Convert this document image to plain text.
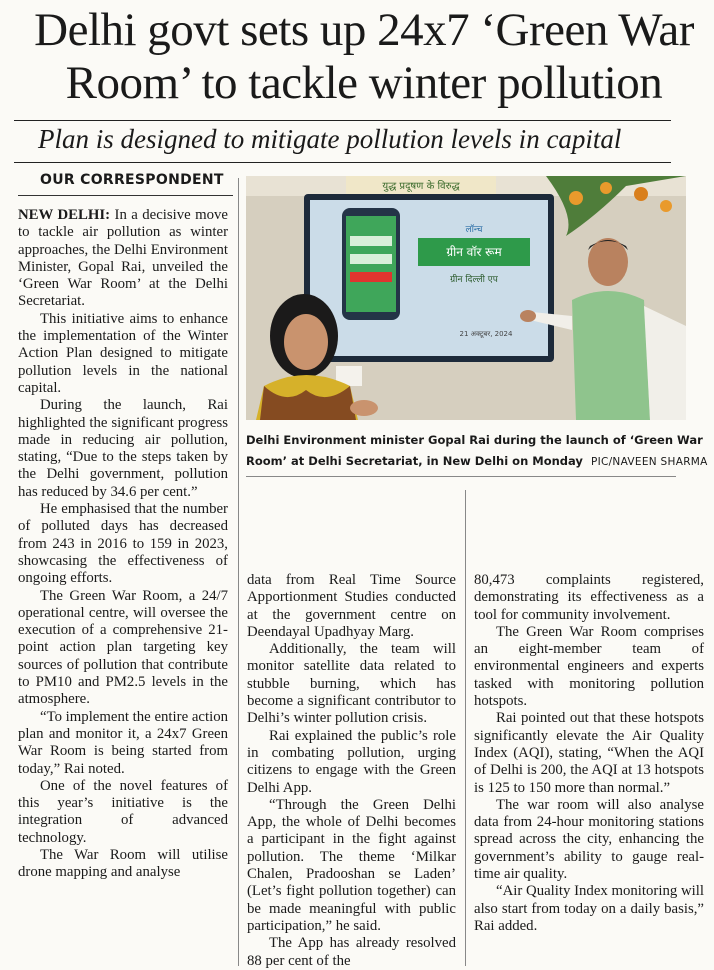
Delhi govt sets up 24x7 ‘Green War
Room’ to tackle winter pollution
Plan is designed to mitigate pollution levels in capital
OUR CORRESPONDENT

NEW DELHI: In a decisive move to tackle air pollution as winter approaches, the Delhi Environment Minister, Gopal Rai, unveiled the ‘Green War Room’ at the Delhi Secretariat.

This initiative aims to enhance the implementation of the Winter Action Plan designed to mitigate pollution levels in the national capital.

During the launch, Rai highlighted the significant progress made in reducing air pollution, stating, “Due to the steps taken by the Delhi government, pollution has reduced by 34.6 per cent.”

He emphasised that the number of polluted days has decreased from 243 in 2016 to 159 in 2023, showcasing the effectiveness of ongoing efforts.

The Green War Room, a 24/7 operational centre, will oversee the execution of a comprehensive 21-point action plan targeting key sources of pollution that contribute to PM10 and PM2.5 levels in the atmosphere.

“To implement the entire action plan and monitor it, a 24x7 Green War Room is being started from today,” Rai noted.

One of the novel features of this year’s initiative is the integration of advanced technology.

The War Room will utilise drone mapping and analyse

युद्ध प्रदूषण के विरुद्ध
ग्रीन वॉर रूम
लॉन्च
ग्रीन दिल्ली एप
21 अक्टूबर, 2024
Delhi Environment minister Gopal Rai during the launch of ‘Green War
Room’ at Delhi Secretariat, in New Delhi on Monday PIC/NAVEEN SHARMA

data from Real Time Source Apportionment Studies conducted at the government centre on Deendayal Upadhyay Marg.

Additionally, the team will monitor satellite data related to stubble burning, which has become a significant contributor to Delhi’s winter pollution crisis.

Rai explained the public’s role in combating pollution, urging citizens to engage with the Green Delhi App.

“Through the Green Delhi App, the whole of Delhi becomes a participant in the fight against pollution. The theme ‘Milkar Chalen, Pradooshan se Laden’ (Let’s fight pollution together) can be made meaningful with public participation,” he said.

The App has already resolved 88 per cent of the

80,473 complaints registered, demonstrating its effectiveness as a tool for community involvement.

The Green War Room comprises an eight-member team of environmental engineers and experts tasked with monitoring pollution hotspots.

Rai pointed out that these hotspots significantly elevate the Air Quality Index (AQI), stating, “When the AQI of Delhi is 200, the AQI at 13 hotspots is 125 to 150 more than normal.”

The war room will also analyse data from 24-hour monitoring stations spread across the city, enhancing the government’s ability to gauge real-time air quality.

“Air Quality Index monitoring will also start from today on a daily basis,” Rai added.
